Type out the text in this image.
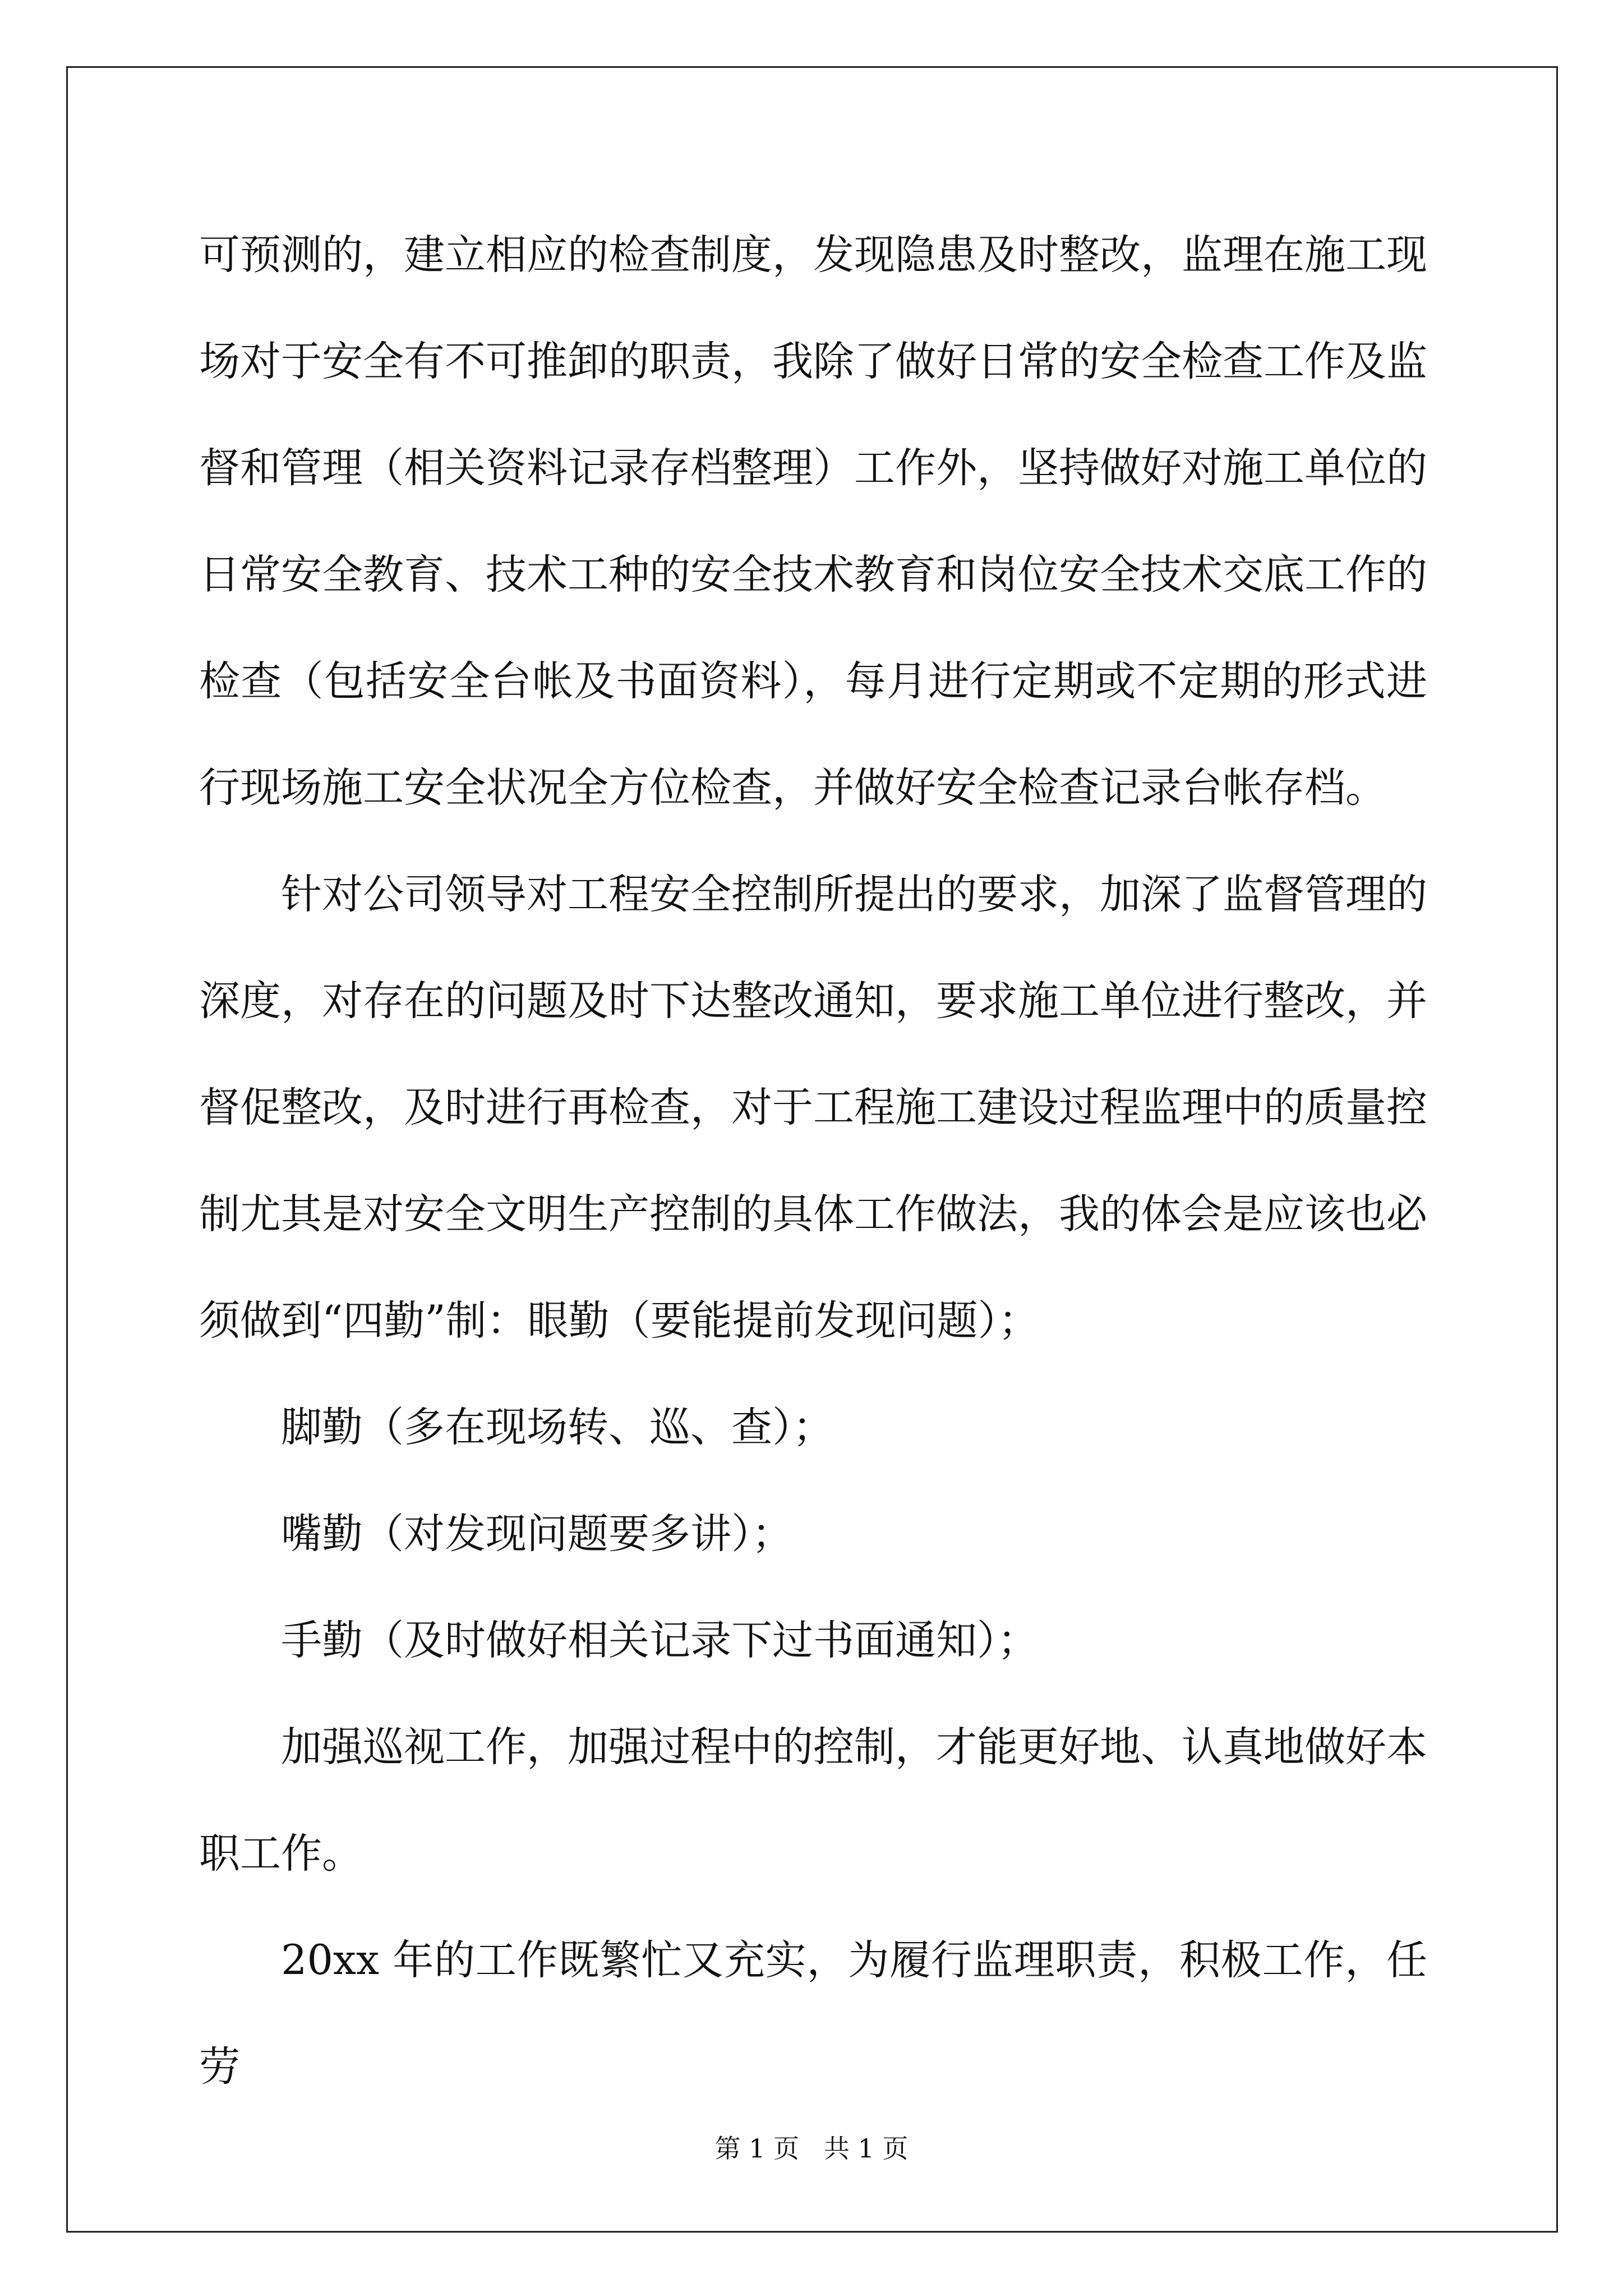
可预测的，建立相应的检查制度，发现隐患及时整改，监理在施工现场对于安全有不可推卸的职责，我除了做好日常的安全检查工作及监督和管理（相关资料记录存档整理）工作外，坚持做好对施工单位的日常安全教育、技术工种的安全技术教育和岗位安全技术交底工作的检查（包括安全台帐及书面资料），每月进行定期或不定期的形式进行现场施工安全状况全方位检查，并做好安全检查记录台帐存档。

针对公司领导对工程安全控制所提出的要求，加深了监督管理的深度，对存在的问题及时下达整改通知，要求施工单位进行整改，并督促整改，及时进行再检查，对于工程施工建设过程监理中的质量控制尤其是对安全文明生产控制的具体工作做法，我的体会是应该也必须做到“四勤”制：眼勤（要能提前发现问题）；

脚勤（多在现场转、巡、查）；

嘴勤（对发现问题要多讲）；

手勤（及时做好相关记录下过书面通知）；

加强巡视工作，加强过程中的控制，才能更好地、认真地做好本职工作。

20xx 年的工作既繁忙又充实，为履行监理职责，积极工作，任劳

第 1 页   共 1 页
